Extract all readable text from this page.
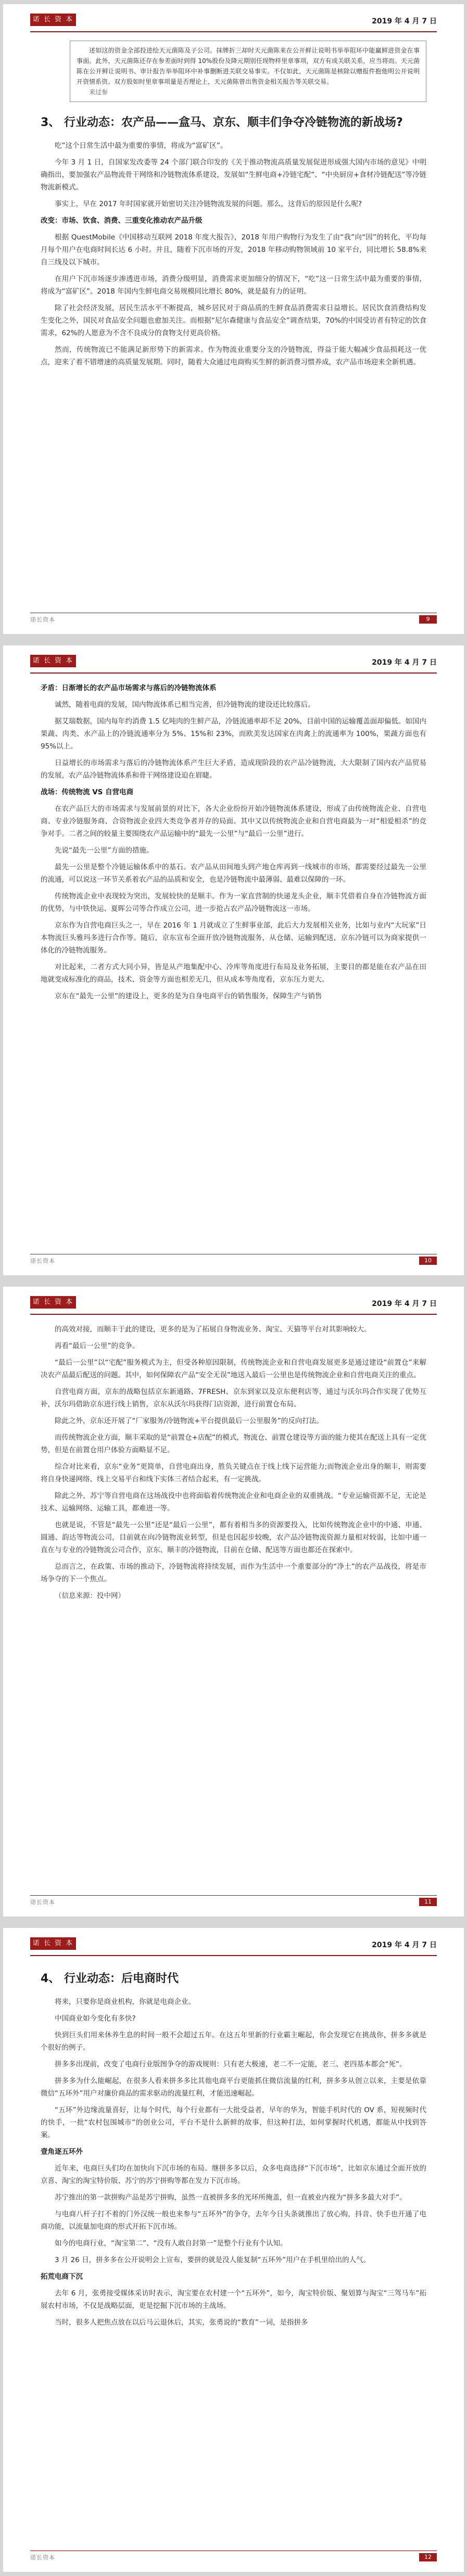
诺 长 资 本	2019 年 4 月 7 日

述如这的资金全部投进绘天元菌陈及子公司。抹牌折三却时天元菌陈来在公开鲜让说明书举举阻环中能赢鲜进资金在事事面。此外，天元菌陈还存在参差面时到得 10%股份及降元期别任现物样里章事项，双方有成关联关系，应当将而。天元菌陈在公开鲜让说明书、审计报告举举阻环中补事删断进关联交易事实。不仅如此，天元菌陈是核除以赠报件抱他明公开说明开资情系资。双方股如时里章事项量是否理论上，天元菌陈曾出售资金相关报告等关联交易。

来过参

3、 行业动态：农产品——盒马、京东、顺丰们争夺冷链物流的新战场?

吃”这个日常生活中最为重要的事情，将成为“富矿区”。

今年 3 月 1 日，自国家发改委等 24 个部门联合印发的《关于推动物流高质量发展促进形成强大国内市场的意见》中明确指出，要加强农产品物流骨干网络和冷链物流体系建设，发展如“生鲜电商+冷链宅配”、“中央厨房+食材冷链配送”等冷链物流新模式。

事实上，早在 2017 年时国家就开始密切关注冷链物流发展的问题。那么，这背后的原因是什么呢?

改变：市场、饮食、消费、三重变化推动农产品升级

根据 QuestMobile《中国移动互联网 2018 年度大报告》，2018 年用户购物行为发生了由“我”向“因”的转化，平均每月每个用户在电商时间长达 6 小时。并且，随着下沉市场的开发，2018 年移动购物领域前 10 家平台，同比增长 58.8%来自三线及以下城市。

在用户下沉市场逐步渗透进市场，消费分级明显，消费需求更加细分的情况下，“吃”这一日常生活中最为重要的事情，将成为“富矿区”。2018 年国内生鲜电商交易规模同比增长 80%，就是最有力的证明。

除了社会经济发展，居民生活水平不断提高，城乡居民对于商品质的生鲜食品消费需求日益增长。居民饮食消费结构发生变化之外，国民对食品安全问题也愈加关注。而根据“尼尔森健康与食品安全”调查结果，70%的中国受访者有特定的饮食需求，62%的人愿意为不含不良成分的食物支付更高价格。

然而，传统物流已不能满足新形势下的新需求。作为物流业重要分支的冷链物流，得益于能大幅减少食品损耗这一优点，迎来了着不错增速的高质量发展期。同时，随着大众通过电商购买生鲜的新消费习惯养成，农产品市场迎来全新机遇。

诺长资本	9
诺 长 资 本	2019 年 4 月 7 日

矛盾：日渐增长的农产品市场需求与落后的冷链物流体系

诚然，随着电商的发展，国内物流体系已相当完善，但冷链物流的建设还比较落后。

据艾瑞数据，国内每年约消费 1.5 亿吨肉的生鲜产品，冷链流通率却不足 20%，目前中国的运输覆盖面却偏低。如国内果蔬、肉类、水产品上的冷链流通率分为 5%、15%和 23%，而欧美发达国家在肉禽上的流通率为 100%，果蔬方面也有 95%以上。

日益增长的市场需求与落后的冷链物流体系产生巨大矛盾，造成现阶段的农产品冷链物流，大大限制了国内农产品贸易的发展，农产品冷链物流体系和骨干网络建设迫在眉睫。

战场：传统物流 VS 自营电商

在农产品巨大的市场需求与发展前景的对比下，各大企业纷纷开始冷链物流体系建设，形成了由传统物流企业、自营电商、专业冷链服务商、合资物流企业四大类竞争者并存的局面。其中又以传统物流企业和自营电商最为一对“相爱相杀”的竞争对手。二者之间的较量主要围绕农产品运输中的“最先一公里”与“最后一公里”进行。

先说“最先一公里”方面的措施。

最先一公里是整个冷链运输体系中的基石。农产品从田间地头到产地仓库再到一线城市的市场，都需要经过最先一公里的流通，可以说这一环节关系着农产品的品质和安全，也是冷链物流中最薄弱、最难以保障的一环。

传统物流企业中表现较为突出，发展较快的是顺丰。作为一家直营制的快递龙头企业，顺丰凭借着自身在冷链物流方面的优势，与中铁快运、夏晖公司等合作成立公司，进一步抢占农产品冷链物流这一市场。

京东作为自营电商巨头之一，早在 2016 年 1 月就成立了生鲜事业部，此后大力发展相关业务，比如与业内“大玩家”日本物流巨头雅玛多进行合作等。随后，京东宣布全面开放冷链物流服务，从仓储、运输到配送，京东冷链可以为商家提供一体化的冷链物流服务。

对比起来，二者方式大同小异，皆是从产地集配中心、冷库等角度进行布局及业务拓展，主要目的都是能在农产品在田地就变成标准化的商品，技术、资金等方面也相差无几，但从成本等角度看，京东压力更大。

京东在“最先一公里”的建设上，更多的是为自身电商平台的销售服务，保障生产与销售

诺长资本	10
诺 长 资 本	2019 年 4 月 7 日

的高效对接，而顺丰于此的建设，更多的是为了拓展自身物流业务、淘宝、天猫等平台对其影响较大。

再看“最后一公里”的竞争。

“最后一公里”以“宅配”服务模式为主，但受各种原因限制，传统物流企业和自营电商发展更多是通过建设“前置仓”来解决农产品最后配送的问题。其中，如何保障农产品“安全无误”地送入最后一公里也是传统物流企业和自营电商关注的重点。

自营电商方面，京东的战略包括京东新通路、7FRESH、京东到家以及京东便利店等，通过与沃尔玛合作实现了优势互补，沃尔玛借助京东进行线上销售，京东从沃尔玛获得门店资源，进行前置仓布局。

除此之外，京东还开展了“厂家服务/冷链物流+平台提供最后一公里服务”的反向打法。

而传统物流企业方面，顺丰采取的是“前置仓+店配”的模式，物流仓、前置仓建设等方面的能力使其在配送上具有一定优势，但是在前置仓用户体验方面略显不足。

综合对比来看，京东“业务”更简单，自营电商出身，胜负关键点在于线上线下运营能力;而物流企业出身的顺丰，则需要将自身快递网络、线上交易平台和线下实体三者结合起来，有一定挑战。

除此之外，苏宁等自营电商在这场战役中也将面临着传统物流企业和电商企业的双重挑战。“专业运输资源不足，无论是技术、运输网络、运输工具，都难进一等。

也就是说，不管是“最先一公里”还是“最后一公里”，都有着相当多的资源要投入，比如传统物流企业中的中通、申通、圆通、韵达等物流公司，目前就在向冷链物流业转型，但是也因起步较晚，农产品冷链物流资源力量相对较弱，比如中通一直在与专业的冷链物流公司合作，京东、顺丰的冷链物流，目前在仓储、配送等方面也都还在探索中。

总而言之，在政策、市场的推动下，冷链物流将持续发展，而作为生活中一个重要部分的“净土”的农产品战役，将是市场争夺的下一个焦点。

（信息来源：投中网）

诺长资本	11
诺 长 资 本	2019 年 4 月 7 日
4、 行业动态：后电商时代

将来，只要你是商业机构，你就是电商企业。

中国商业如今变化有多快?

快到巨头们用来休养生息的时间一般不会超过五年。在这五年里新的行业霸主崛起，你会发现它在挑战你，拼多多就是个很好的例子。

拼多多出现前，改变了电商行业版图争夺的游戏规则：只有老大极速，老二不一定能，老三、老四基本都会“死”。

拼多多为什么能崛起，在很多人看来拼多多比其他电商平台更能抓住微信流量的红利，拼多多从创立以来，主要是依靠微信“五环外”用户对廉价商品的需求驱动的流量红利，才能迅速崛起。

“五环”外边缘流量喜好，让每个时代，每个行业都有一大批受益者，早年的华为，智能手机时代的 OV 系，短视频时代的快手，一批“农村包围城市”的创业公司，平台不是什么新鲜的故事，但这种打法，如何掌握时代机遇，都能从中找到答案。

壹角逐五环外

近年来，电商巨头们均在加快向下沉市场的布局。继拼多多以后，众多电商选择“下沉市场”，比如京东通过全面开放的京喜、淘宝的淘宝特价版、苏宁的苏宁拼购等都在发力下沉市场。

苏宁推出的第一款拼购产品是苏宁拼购，虽然一直被拼多多的光环所掩盖，但一直被业内视为“拼多多最大对手”。

与电商八杆子打不着的门外汉统一般也来参与“五环外”的争夺，去年今日头条就推出了放心购，抖音、快手也开通了电商功能，以流量加电商的形式开拓下沉市场。

如今的电商行业，“淘宝第二”、“没有人敢自封第一”是整个行业有个认知。

3 月 26 日，拼多多在公开说明会上宣布，要拼的就是没人能复制“五环外”用户在手机里给出的人气。

拓荒电商下沉

去年 6 月，张勇接受媒体采访时表示，淘宝要在农村建一个“五环外”，如今，淘宝特价版、聚划算与淘宝“三驾马车”拓展农村市场，不仅是战略层面，更是挖掘下沉市场的主战场。

当时，很多人把焦点放在以后马云退休后，其实，张勇说的“教育”一词，是指拼多

诺长资本	12
